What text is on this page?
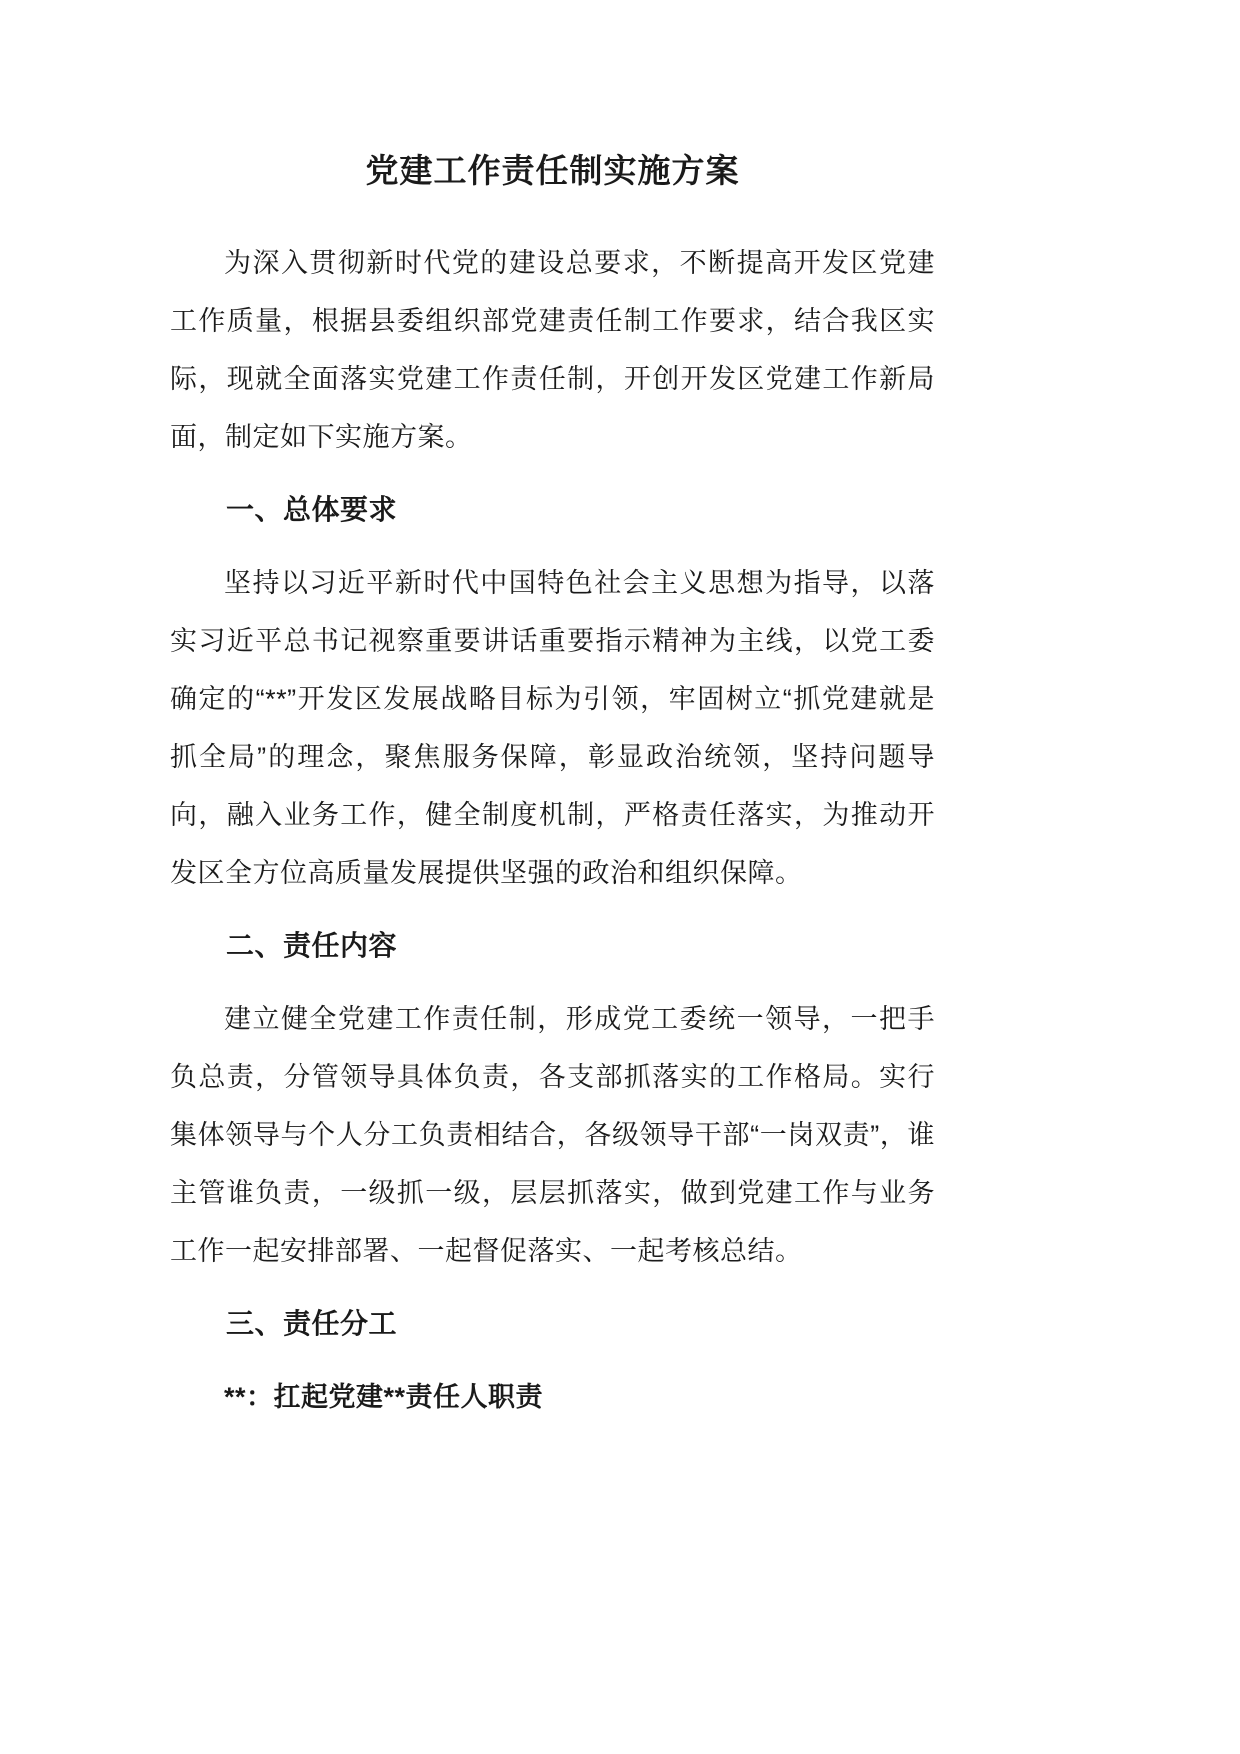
党建工作责任制实施方案

为深入贯彻新时代党的建设总要求，不断提高开发区党建工作质量，根据县委组织部党建责任制工作要求，结合我区实际，现就全面落实党建工作责任制，开创开发区党建工作新局面，制定如下实施方案。

一、总体要求

坚持以习近平新时代中国特色社会主义思想为指导，以落实习近平总书记视察重要讲话重要指示精神为主线，以党工委确定的“**”开发区发展战略目标为引领，牢固树立“抓党建就是抓全局”的理念，聚焦服务保障，彰显政治统领，坚持问题导向，融入业务工作，健全制度机制，严格责任落实，为推动开发区全方位高质量发展提供坚强的政治和组织保障。

二、责任内容

建立健全党建工作责任制，形成党工委统一领导，一把手负总责，分管领导具体负责，各支部抓落实的工作格局。实行集体领导与个人分工负责相结合，各级领导干部“一岗双责”，谁主管谁负责，一级抓一级，层层抓落实，做到党建工作与业务工作一起安排部署、一起督促落实、一起考核总结。

三、责任分工
**：扛起党建**责任人职责
